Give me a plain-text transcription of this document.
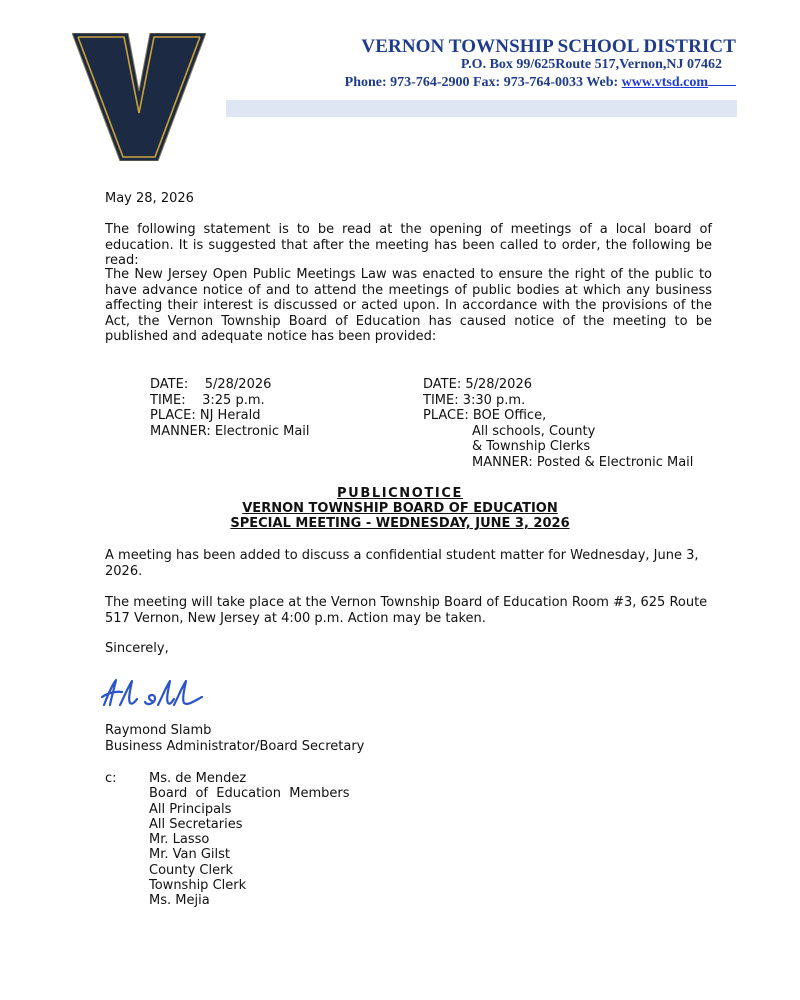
VERNON TOWNSHIP SCHOOL DISTRICT
P.O. Box 99/625Route 517,Vernon,NJ 07462
Phone: 973-764-2900 Fax: 973-764-0033 Web: www.vtsd.com
May 28, 2026
The following statement is to be read at the opening of meetings of a local board of education. It is suggested that after the meeting has been called to order, the following be read:
The New Jersey Open Public Meetings Law was enacted to ensure the right of the public to have advance notice of and to attend the meetings of public bodies at which any business affecting their interest is discussed or acted upon. In accordance with the provisions of the Act, the Vernon Township Board of Education has caused notice of the meeting to be published and adequate notice has been provided:
DATE:    5/28/2026
TIME:    3:25 p.m.
PLACE: NJ Herald
MANNER: Electronic Mail
DATE: 5/28/2026
TIME: 3:30 p.m.
PLACE: BOE Office,
All schools, County
& Township Clerks
MANNER: Posted & Electronic Mail
PUBLICNOTICE
VERNON TOWNSHIP BOARD OF EDUCATION
SPECIAL MEETING - WEDNESDAY, JUNE 3, 2026
A meeting has been added to discuss a confidential student matter for Wednesday, June 3, 2026.
The meeting will take place at the Vernon Township Board of Education Room #3, 625 Route 517 Vernon, New Jersey at 4:00 p.m. Action may be taken.
Sincerely,
Raymond Slamb
Business Administrator/Board Secretary
c: Ms. de Mendez
Board  of  Education  Members
All Principals
All Secretaries
Mr. Lasso
Mr. Van Gilst
County Clerk
Township Clerk
Ms. Mejia
